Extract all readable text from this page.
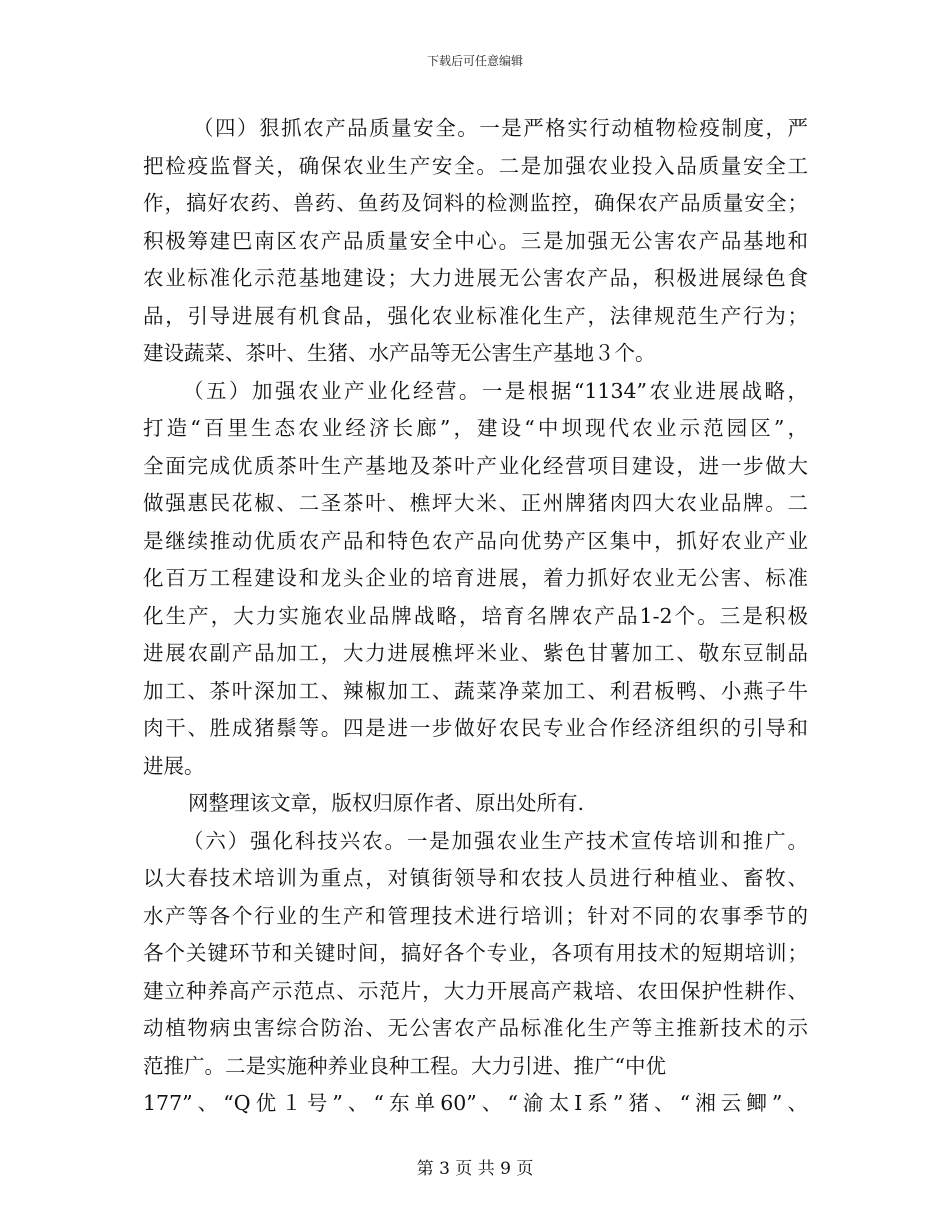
下载后可任意编辑
（四）狠抓农产品质量安全。一是严格实行动植物检疫制度，严
把检疫监督关，确保农业生产安全。二是加强农业投入品质量安全工
作，搞好农药、兽药、鱼药及饲料的检测监控，确保农产品质量安全；
积极筹建巴南区农产品质量安全中心。三是加强无公害农产品基地和
农业标准化示范基地建设；大力进展无公害农产品，积极进展绿色食
品，引导进展有机食品，强化农业标准化生产，法律规范生产行为；
建设蔬菜、茶叶、生猪、水产品等无公害生产基地３个。
（五）加强农业产业化经营。一是根据“1134”农业进展战略，
打造“百里生态农业经济长廊”，建设“中坝现代农业示范园区”，
全面完成优质茶叶生产基地及茶叶产业化经营项目建设，进一步做大
做强惠民花椒、二圣茶叶、樵坪大米、正州牌猪肉四大农业品牌。二
是继续推动优质农产品和特色农产品向优势产区集中，抓好农业产业
化百万工程建设和龙头企业的培育进展，着力抓好农业无公害、标准
化生产，大力实施农业品牌战略，培育名牌农产品1-2个。三是积极
进展农副产品加工，大力进展樵坪米业、紫色甘薯加工、敬东豆制品
加工、茶叶深加工、辣椒加工、蔬菜净菜加工、利君板鸭、小燕子牛
肉干、胜成猪鬃等。四是进一步做好农民专业合作经济组织的引导和
进展。
网整理该文章，版权归原作者、原出处所有.
（六）强化科技兴农。一是加强农业生产技术宣传培训和推广。
以大春技术培训为重点，对镇街领导和农技人员进行种植业、畜牧、
水产等各个行业的生产和管理技术进行培训；针对不同的农事季节的
各个关键环节和关键时间，搞好各个专业，各项有用技术的短期培训；
建立种养高产示范点、示范片，大力开展高产栽培、农田保护性耕作、
动植物病虫害综合防治、无公害农产品标准化生产等主推新技术的示
范推广。二是实施种养业良种工程。大力引进、推广“中优
177”、“Q优１号”、“东单60”、“渝太Ⅰ系”猪、“湘云鲫”、
第 3 页 共 9 页
